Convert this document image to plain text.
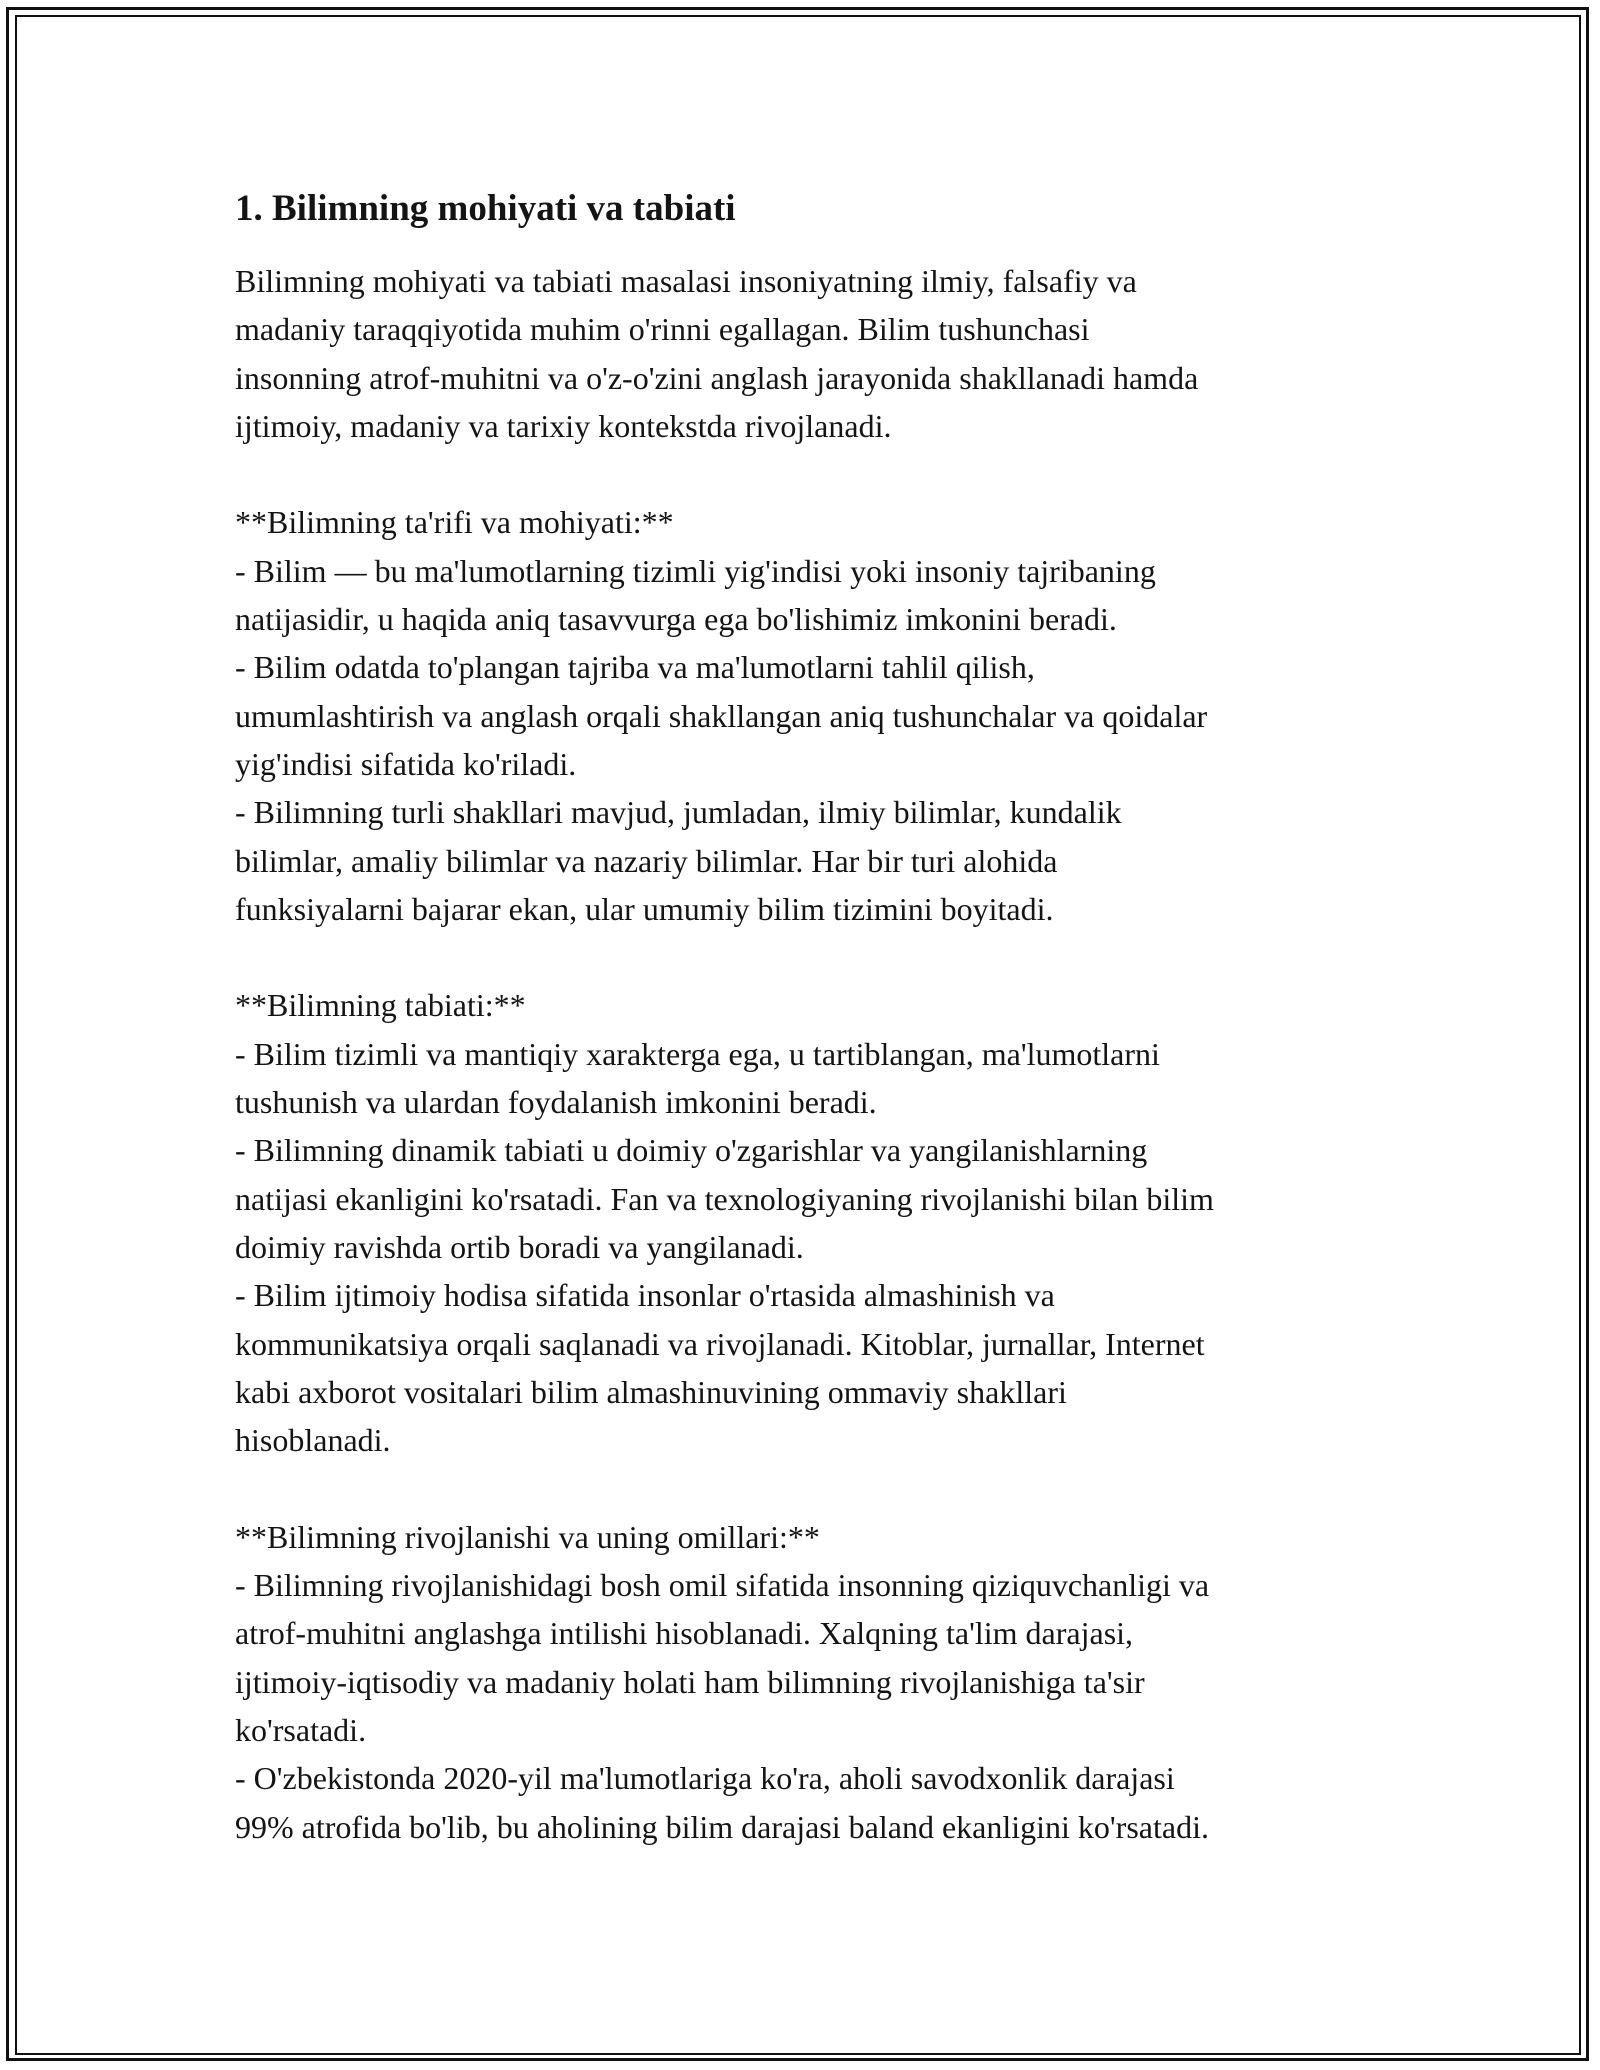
1. Bilimning mohiyati va tabiati
Bilimning mohiyati va tabiati masalasi insoniyatning ilmiy, falsafiy va
madaniy taraqqiyotida muhim o'rinni egallagan. Bilim tushunchasi
insonning atrof-muhitni va o'z-o'zini anglash jarayonida shakllanadi hamda
ijtimoiy, madaniy va tarixiy kontekstda rivojlanadi.
**Bilimning ta'rifi va mohiyati:**
- Bilim — bu ma'lumotlarning tizimli yig'indisi yoki insoniy tajribaning
natijasidir, u haqida aniq tasavvurga ega bo'lishimiz imkonini beradi.
- Bilim odatda to'plangan tajriba va ma'lumotlarni tahlil qilish,
umumlashtirish va anglash orqali shakllangan aniq tushunchalar va qoidalar
yig'indisi sifatida ko'riladi.
- Bilimning turli shakllari mavjud, jumladan, ilmiy bilimlar, kundalik
bilimlar, amaliy bilimlar va nazariy bilimlar. Har bir turi alohida
funksiyalarni bajarar ekan, ular umumiy bilim tizimini boyitadi.
**Bilimning tabiati:**
- Bilim tizimli va mantiqiy xarakterga ega, u tartiblangan, ma'lumotlarni
tushunish va ulardan foydalanish imkonini beradi.
- Bilimning dinamik tabiati u doimiy o'zgarishlar va yangilanishlarning
natijasi ekanligini ko'rsatadi. Fan va texnologiyaning rivojlanishi bilan bilim
doimiy ravishda ortib boradi va yangilanadi.
- Bilim ijtimoiy hodisa sifatida insonlar o'rtasida almashinish va
kommunikatsiya orqali saqlanadi va rivojlanadi. Kitoblar, jurnallar, Internet
kabi axborot vositalari bilim almashinuvining ommaviy shakllari
hisoblanadi.
**Bilimning rivojlanishi va uning omillari:**
- Bilimning rivojlanishidagi bosh omil sifatida insonning qiziquvchanligi va
atrof-muhitni anglashga intilishi hisoblanadi. Xalqning ta'lim darajasi,
ijtimoiy-iqtisodiy va madaniy holati ham bilimning rivojlanishiga ta'sir
ko'rsatadi.
- O'zbekistonda 2020-yil ma'lumotlariga ko'ra, aholi savodxonlik darajasi
99% atrofida bo'lib, bu aholining bilim darajasi baland ekanligini ko'rsatadi.
